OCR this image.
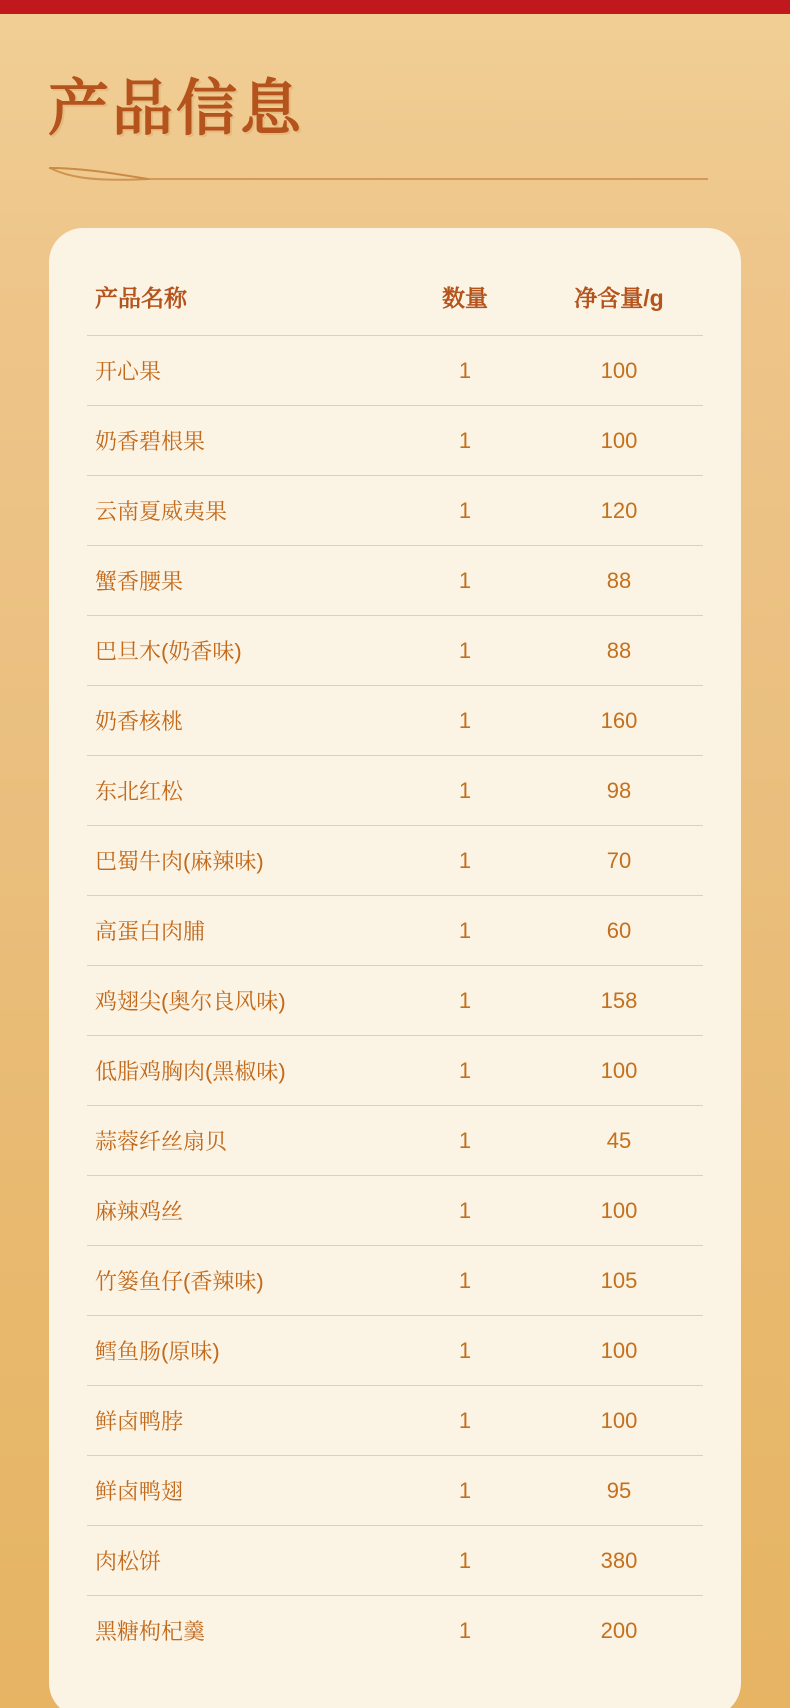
产品信息
产品名称	数量	净含量/g
开心果	1	100
奶香碧根果	1	100
云南夏威夷果	1	120
蟹香腰果	1	88
巴旦木(奶香味)	1	88
奶香核桃	1	160
东北红松	1	98
巴蜀牛肉(麻辣味)	1	70
高蛋白肉脯	1	60
鸡翅尖(奥尔良风味)	1	158
低脂鸡胸肉(黑椒味)	1	100
蒜蓉纤丝扇贝	1	45
麻辣鸡丝	1	100
竹篓鱼仔(香辣味)	1	105
鳕鱼肠(原味)	1	100
鲜卤鸭脖	1	100
鲜卤鸭翅	1	95
肉松饼	1	380
黑糖枸杞羹	1	200
